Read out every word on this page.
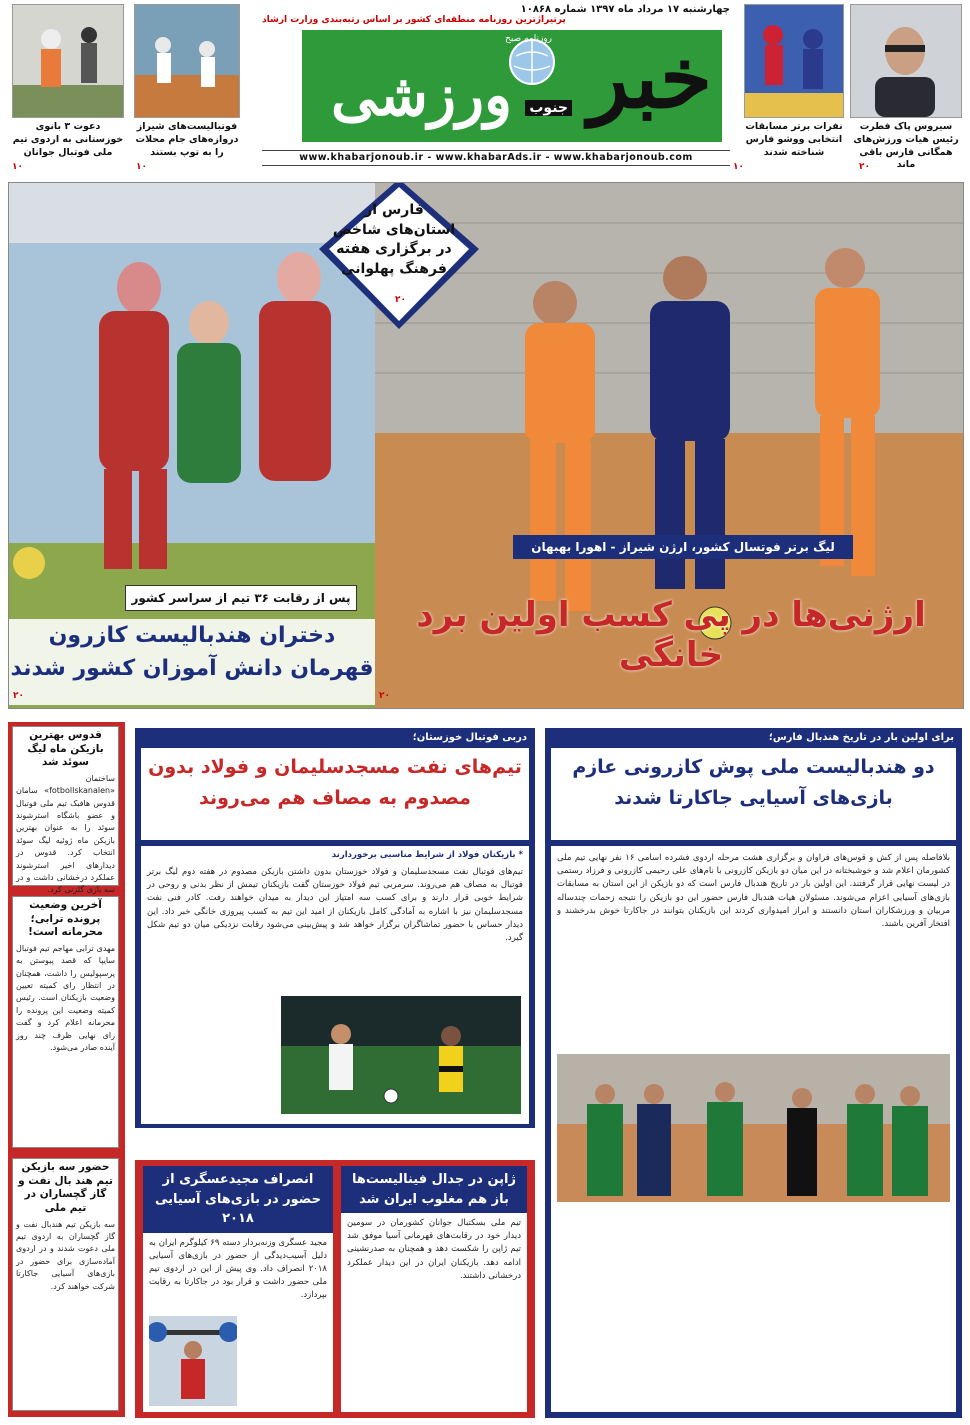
سیروس پاک فطرت رئیس هیات ورزش‌های همگانی فارس باقی ماند
۲۰
نفرات برتر مسابقات انتخابی ووشو فارس شناخته شدند
۱۰
چهارشنبه ۱۷ مرداد ماه ۱۳۹۷ شماره ۱۰۸۶۸
پرتیراژترین روزنامه منطقه‌ای کشور بر اساس رتبه‌بندی وزارت ارشاد
خبر
جنوب
ورزشی
روزنامه صبح
www.khabarjonoub.ir - www.khabarAds.ir - www.khabarjonoub.com
فوتبالیست‌های شیراز دروازه‌های جام محلات را به توپ بستند
۱۰
دعوت ۳ بانوی خوزستانی به اردوی تیم ملی فوتبال جوانان
۱۰
فارس از استان‌های شاخص در برگزاری هفته فرهنگ پهلوانی
۲۰
لیگ برتر فوتسال کشور، ارژن شیراز - اهورا بهبهان
ارژنی‌ها در پی کسب اولین برد خانگی
۲۰
پس از رقابت ۳۶ تیم از سراسر کشور
دختران هندبالیست کازرون قهرمان دانش آموزان کشور شدند
۲۰
قدوس بهترین بازیکن ماه لیگ سوئد شد
ساختمان «fotbollskanalen» سامان قدوس هافبک تیم ملی فوتبال و عضو باشگاه استرشوند سوئد را به عنوان بهترین بازیکن ماه ژوئیه لیگ سوئد انتخاب کرد. قدوس در دیدارهای اخیر استرشوند عملکرد درخشانی داشت و در سه بازی گلزنی کرد.
آخرین وضعیت پرونده ترابی؛ محرمانه است!
مهدی ترابی مهاجم تیم فوتبال سایپا که قصد پیوستن به پرسپولیس را داشت، همچنان در انتظار رای کمیته تعیین وضعیت بازیکنان است. رئیس کمیته وضعیت این پرونده را محرمانه اعلام کرد و گفت رای نهایی ظرف چند روز آینده صادر می‌شود.
حضور سه بازیکن تیم هند بال نفت و گاز گچساران در تیم ملی
سه بازیکن تیم هندبال نفت و گاز گچساران به اردوی تیم ملی دعوت شدند و در اردوی آماده‌سازی برای حضور در بازی‌های آسیایی جاکارتا شرکت خواهند کرد.
دربی فوتبال خوزستان؛
تیم‌های نفت مسجدسلیمان و فولاد بدون مصدوم به مصاف هم می‌روند
* بازیکنان فولاد از شرایط مناسبی برخوردارند
تیم‌های فوتبال نفت مسجدسلیمان و فولاد خوزستان بدون داشتن بازیکن مصدوم در هفته دوم لیگ برتر فوتبال به مصاف هم می‌روند. سرمربی تیم فولاد خوزستان گفت بازیکنان تیمش از نظر بدنی و روحی در شرایط خوبی قرار دارند و برای کسب سه امتیاز این دیدار به میدان خواهند رفت. کادر فنی نفت مسجدسلیمان نیز با اشاره به آمادگی کامل بازیکنان از امید این تیم به کسب پیروزی خانگی خبر داد. این دیدار حساس با حضور تماشاگران برگزار خواهد شد و پیش‌بینی می‌شود رقابت نزدیکی میان دو تیم شکل گیرد.
ژاپن در جدال فینالیست‌ها باز هم مغلوب ایران شد
تیم ملی بسکتبال جوانان کشورمان در سومین دیدار خود در رقابت‌های قهرمانی آسیا موفق شد تیم ژاپن را شکست دهد و همچنان به صدرنشینی ادامه دهد. بازیکنان ایران در این دیدار عملکرد درخشانی داشتند.
انصراف مجیدعسگری از حضور در بازی‌های آسیایی ۲۰۱۸
مجید عسگری وزنه‌بردار دسته ۶۹ کیلوگرم ایران به دلیل آسیب‌دیدگی از حضور در بازی‌های آسیایی ۲۰۱۸ انصراف داد. وی پیش از این در اردوی تیم ملی حضور داشت و قرار بود در جاکارتا به رقابت بپردازد.
برای اولین بار در تاریخ هندبال فارس؛
دو هندبالیست ملی پوش کازرونی عازم بازی‌های آسیایی جاکارتا شدند
بلافاصله پس از کش و قوس‌های فراوان و برگزاری هشت مرحله اردوی فشرده اسامی ۱۶ نفر نهایی تیم ملی کشورمان اعلام شد و خوشبختانه در این میان دو بازیکن کازرونی با نام‌های علی رحیمی کازرونی و فرزاد رستمی در لیست نهایی قرار گرفتند. این اولین بار در تاریخ هندبال فارس است که دو بازیکن از این استان به مسابقات بازی‌های آسیایی اعزام می‌شوند. مسئولان هیات هندبال فارس حضور این دو بازیکن را نتیجه زحمات چندساله مربیان و ورزشکاران استان دانستند و ابراز امیدواری کردند این بازیکنان بتوانند در جاکارتا خوش بدرخشند و افتخار آفرین باشند.
